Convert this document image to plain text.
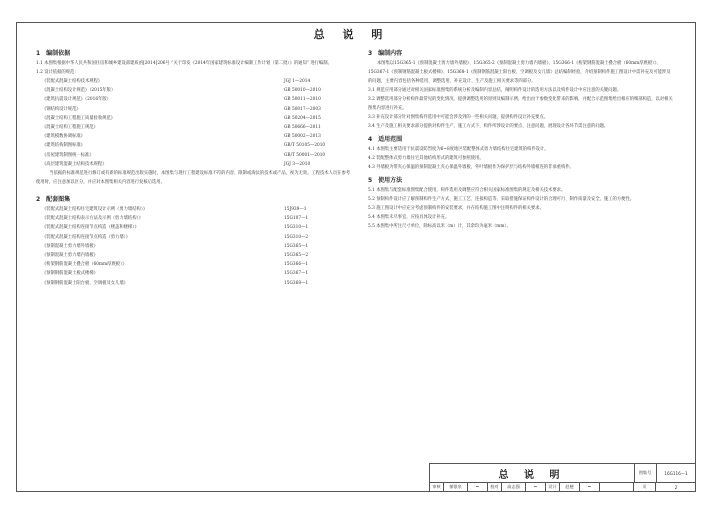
总 说 明
1　编制依据
1.1 本图集根据中华人民共和国住房和城乡建设部建质函[2014]206号 “关于印发《2014年国家建筑标准设计编制工作计划（第二批）》的通知” 进行编制。
1.2 设计依据的规范：
《装配式混凝土结构技术规程》	JGJ 1—2014
《混凝土结构设计规范》（2015年版）	GB 50010—2010
《建筑抗震设计规范》（2016年版）	GB 50011—2010
《钢结构设计规范》	GB 50017—2003
《混凝土结构工程施工质量验收规范》	GB 50204—2015
《混凝土结构工程施工规范》	GB 50666—2011
《建筑模数协调标准》	GB 50002—2013
《建筑结构制图标准》	GB/T 50105—2010
《房屋建筑制图统一标准》	GB/T 50001—2010
《高层建筑混凝土结构技术规程》	JGJ 3—2010
　当依据的标准规范进行修订或有新的标准规范出版实施时，本图集与现行工程建设标准不符的内容、限制或淘汰的技术或产品，视为无效。工程技术人员在参考使用时，应注意加以区分，并应对本图集相关内容进行复核后选用。
2　配套图集
《装配式混凝土结构住宅建筑设计示例（剪力墙结构）》	15J939—1
《装配式混凝土结构表示方法及示例（剪力墙结构）》	15G107—1
《装配式混凝土结构连接节点构造（楼盖和楼梯）》	15G310—1
《装配式混凝土结构连接节点构造（剪力墙）》	15G310—2
《预制混凝土剪力墙外墙板》	15G365—1
《预制混凝土剪力墙内墙板》	15G365—2
《桁架钢筋混凝土叠合板（60mm厚底板）》	15G366—1
《预制钢筋混凝土板式楼梯》	15G367—1
《预制钢筋混凝土阳台板、空调板及女儿墙》	15G368—1
3　编制内容
本图集以15G365-1《预制混凝土剪力墙外墙板》、15G365-2《预制混凝土剪力墙内墙板》、15G366-1《桁架钢筋混凝土叠合板（60mm厚底板）》、15G367-1《预制钢筋混凝土板式楼梯》、15G368-1《预制钢筋混凝土阳台板、空调板及女儿墙》总结编制经验，介绍预制构件施工图设计中需补充及可能涉及的问题，主要内容包括各种选用、调整选用、补充设计、生产及施工相关要求等四部分。
3.1 规范应用部分通过对相关国家标准图集的系统分析及编制内容总结，阐明构件设计的选用方法以及构件设计中应注意的关键问题。
3.2 调整选用部分分析构件最常见的变化情况，提供调整选用的原则及编制示例，给出由于参数变化带来的影响，并配合示范图集给出相应的细部构造，以对相关图集内容进行补充。
3.3 补充设计部分针对图集构件选用中可能会涉及到的一些相关问题，提供构件设计补充要点。
3.4 生产及施工相关要求部分提供对构件生产、施工方式下，构件所涉设计的要点、注意问题，展现设计各环节需注意的问题。
4　适用范围
4.1 本图集主要适用于抗震设防烈度为6~8度地区装配整体式剪力墙结构住宅建筑的构件设计。
4.2 装配整体式剪力墙住宅其他结构形式的建筑可参照使用。
4.3 外墙板为带夹心保温的预制混凝土夹心保温外墙板，外叶墙板作为保护层与结构外墙相连的非承重构件。
5　使用方法
5.1 本图集与配套标准图集配合使用，构件选用及调整应符合相关国家标准图集的规定及相关技术要求。
5.2 预制构件设计应了解预制构件生产方式、施工工艺、连接构造等，采取措施保证构件设计的合理可行、制作质量及安全，施工的方便性。
5.3 施工图设计中应充分考虑预制构件的安装要求，并在结构施工图中注明构件的相关要求。
5.4 本图集未尽事宜，应按具体设计补充。
5.5 本图集中所注尺寸单位，除标高以米（m）计，其余均为毫米（mm）。
总 说 明	图集号	16G116—1
审核	郁银泉	~	校对	高志强	~	设计	赵梗	~	页	2
